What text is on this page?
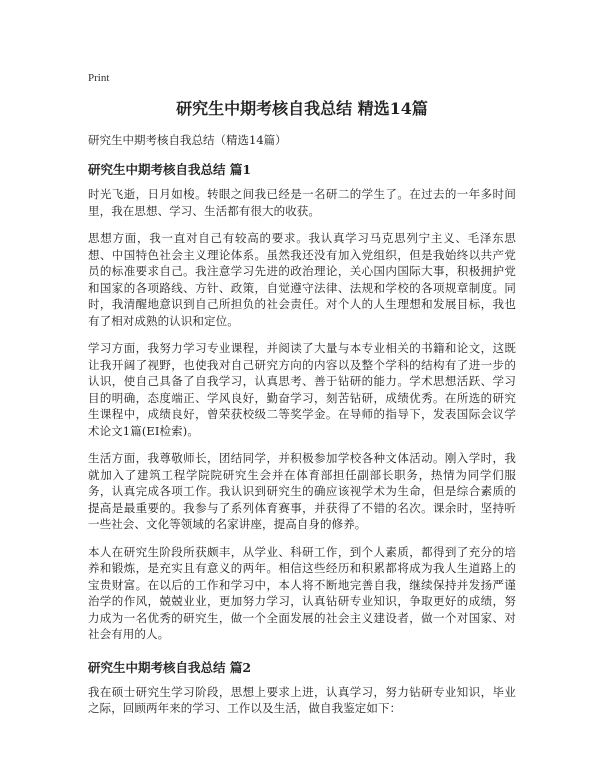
Print
研究生中期考核自我总结 精选14篇

研究生中期考核自我总结（精选14篇）

研究生中期考核自我总结 篇1

时光飞逝，日月如梭。转眼之间我已经是一名研二的学生了。在过去的一年多时间里，我在思想、学习、生活都有很大的收获。

思想方面，我一直对自己有较高的要求。我认真学习马克思列宁主义、毛泽东思想、中国特色社会主义理论体系。虽然我还没有加入党组织，但是我始终以共产党员的标准要求自己。我注意学习先进的政治理论，关心国内国际大事，积极拥护党和国家的各项路线、方针、政策，自觉遵守法律、法规和学校的各项规章制度。同时，我清醒地意识到自己所担负的社会责任。对个人的人生理想和发展目标，我也有了相对成熟的认识和定位。

学习方面，我努力学习专业课程，并阅读了大量与本专业相关的书籍和论文，这既让我开阔了视野，也使我对自己研究方向的内容以及整个学科的结构有了进一步的认识，使自己具备了自我学习，认真思考、善于钻研的能力。学术思想活跃、学习目的明确，态度端正、学风良好，勤奋学习，刻苦钻研，成绩优秀。在所选的研究生课程中，成绩良好，曾荣获校级二等奖学金。在导师的指导下，发表国际会议学术论文1篇(EI检索)。

生活方面，我尊敬师长，团结同学，并积极参加学校各种文体活动。刚入学时，我就加入了建筑工程学院院研究生会并在体育部担任副部长职务，热情为同学们服务，认真完成各项工作。我认识到研究生的确应该视学术为生命，但是综合素质的提高是最重要的。我参与了系列体育赛事，并获得了不错的名次。课余时，坚持听一些社会、文化等领域的名家讲座，提高自身的修养。

本人在研究生阶段所获颇丰，从学业、科研工作，到个人素质，都得到了充分的培养和锻炼，是充实且有意义的两年。相信这些经历和积累都将成为我人生道路上的宝贵财富。在以后的工作和学习中，本人将不断地完善自我，继续保持并发扬严谨治学的作风，兢兢业业，更加努力学习，认真钻研专业知识，争取更好的成绩，努力成为一名优秀的研究生，做一个全面发展的社会主义建设者，做一个对国家、对社会有用的人。

研究生中期考核自我总结 篇2

我在硕士研究生学习阶段，思想上要求上进，认真学习，努力钻研专业知识，毕业之际，回顾两年来的学习、工作以及生活，做自我鉴定如下：
